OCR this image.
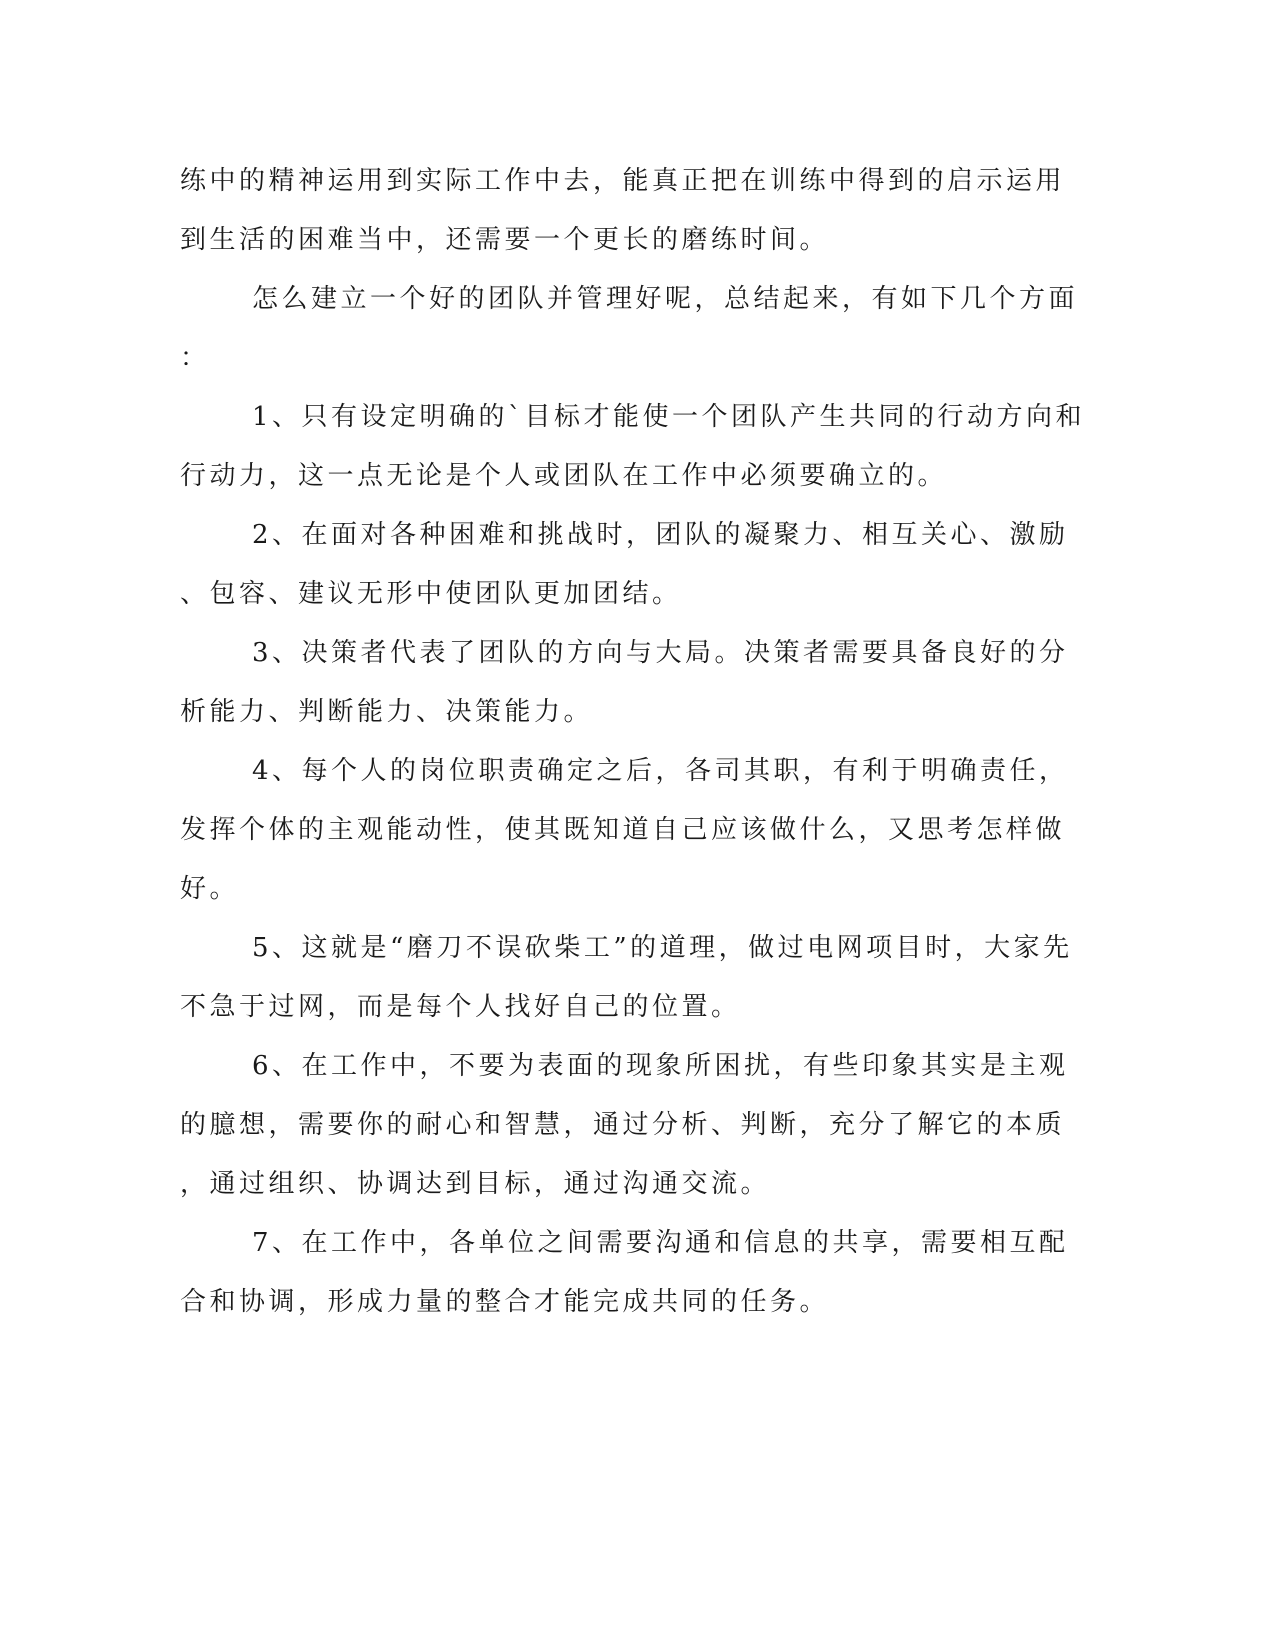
练中的精神运用到实际工作中去，能真正把在训练中得到的启示运用

到生活的困难当中，还需要一个更长的磨练时间。

怎么建立一个好的团队并管理好呢，总结起来，有如下几个方面

：

1、只有设定明确的`目标才能使一个团队产生共同的行动方向和

行动力，这一点无论是个人或团队在工作中必须要确立的。

2、在面对各种困难和挑战时，团队的凝聚力、相互关心、激励

、包容、建议无形中使团队更加团结。

3、决策者代表了团队的方向与大局。决策者需要具备良好的分

析能力、判断能力、决策能力。

4、每个人的岗位职责确定之后，各司其职，有利于明确责任，

发挥个体的主观能动性，使其既知道自己应该做什么，又思考怎样做

好。

5、这就是“磨刀不误砍柴工”的道理，做过电网项目时，大家先

不急于过网，而是每个人找好自己的位置。

6、在工作中，不要为表面的现象所困扰，有些印象其实是主观

的臆想，需要你的耐心和智慧，通过分析、判断，充分了解它的本质

，通过组织、协调达到目标，通过沟通交流。

7、在工作中，各单位之间需要沟通和信息的共享，需要相互配

合和协调，形成力量的整合才能完成共同的任务。
